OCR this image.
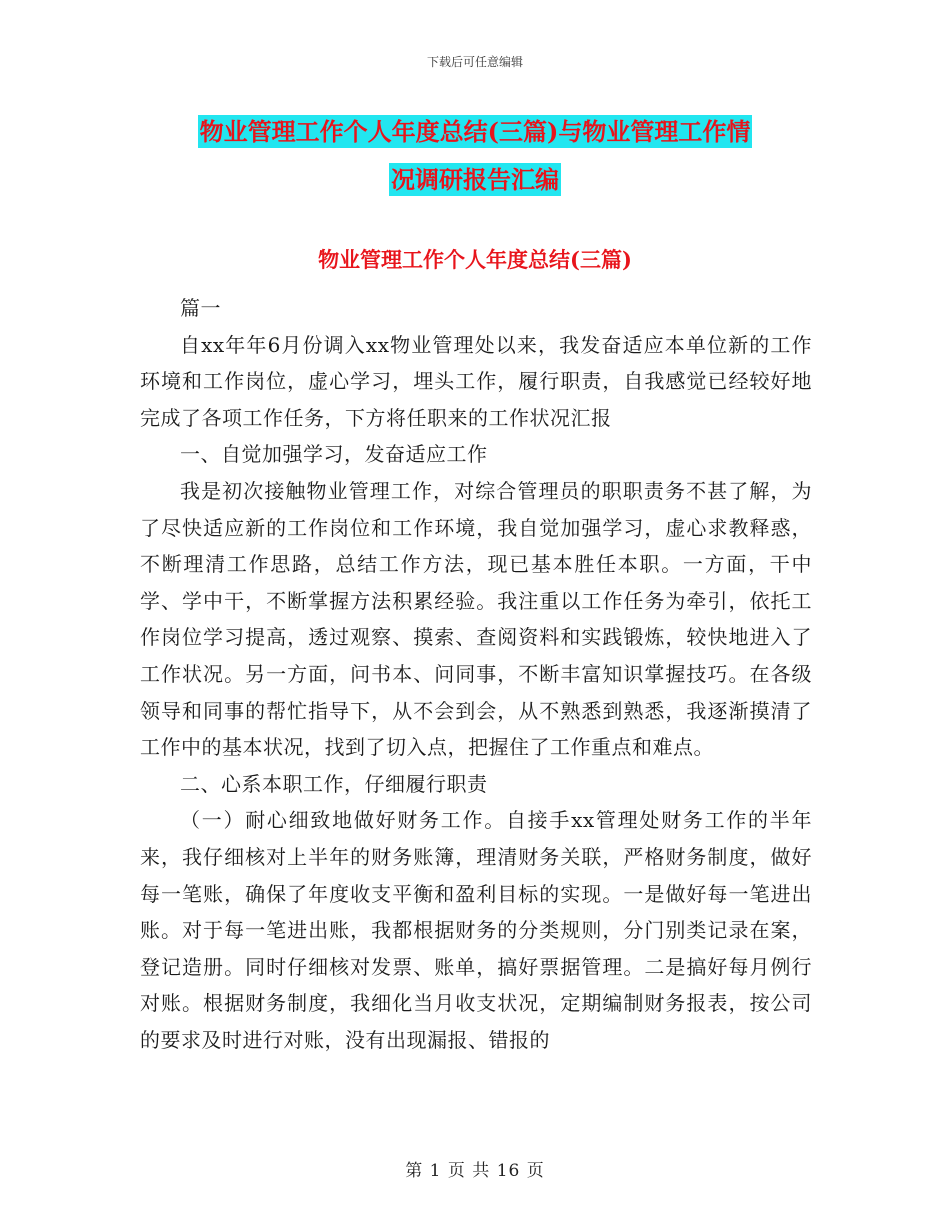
下载后可任意编辑
物业管理工作个人年度总结(三篇)与物业管理工作情
况调研报告汇编
物业管理工作个人年度总结(三篇)

篇一

自xx年年6月份调入xx物业管理处以来，我发奋适应本单位新的工作环境和工作岗位，虚心学习，埋头工作，履行职责，自我感觉已经较好地完成了各项工作任务，下方将任职来的工作状况汇报

一、自觉加强学习，发奋适应工作

我是初次接触物业管理工作，对综合管理员的职职责务不甚了解，为了尽快适应新的工作岗位和工作环境，我自觉加强学习，虚心求教释惑，不断理清工作思路，总结工作方法，现已基本胜任本职。一方面，干中学、学中干，不断掌握方法积累经验。我注重以工作任务为牵引，依托工作岗位学习提高，透过观察、摸索、查阅资料和实践锻炼，较快地进入了工作状况。另一方面，问书本、问同事，不断丰富知识掌握技巧。在各级领导和同事的帮忙指导下，从不会到会，从不熟悉到熟悉，我逐渐摸清了工作中的基本状况，找到了切入点，把握住了工作重点和难点。

二、心系本职工作，仔细履行职责

（一）耐心细致地做好财务工作。自接手xx管理处财务工作的半年来，我仔细核对上半年的财务账簿，理清财务关联，严格财务制度，做好每一笔账，确保了年度收支平衡和盈利目标的实现。一是做好每一笔进出账。对于每一笔进出账，我都根据财务的分类规则，分门别类记录在案，登记造册。同时仔细核对发票、账单，搞好票据管理。二是搞好每月例行对账。根据财务制度，我细化当月收支状况，定期编制财务报表，按公司的要求及时进行对账，没有出现漏报、错报的

第 1 页 共 16 页
